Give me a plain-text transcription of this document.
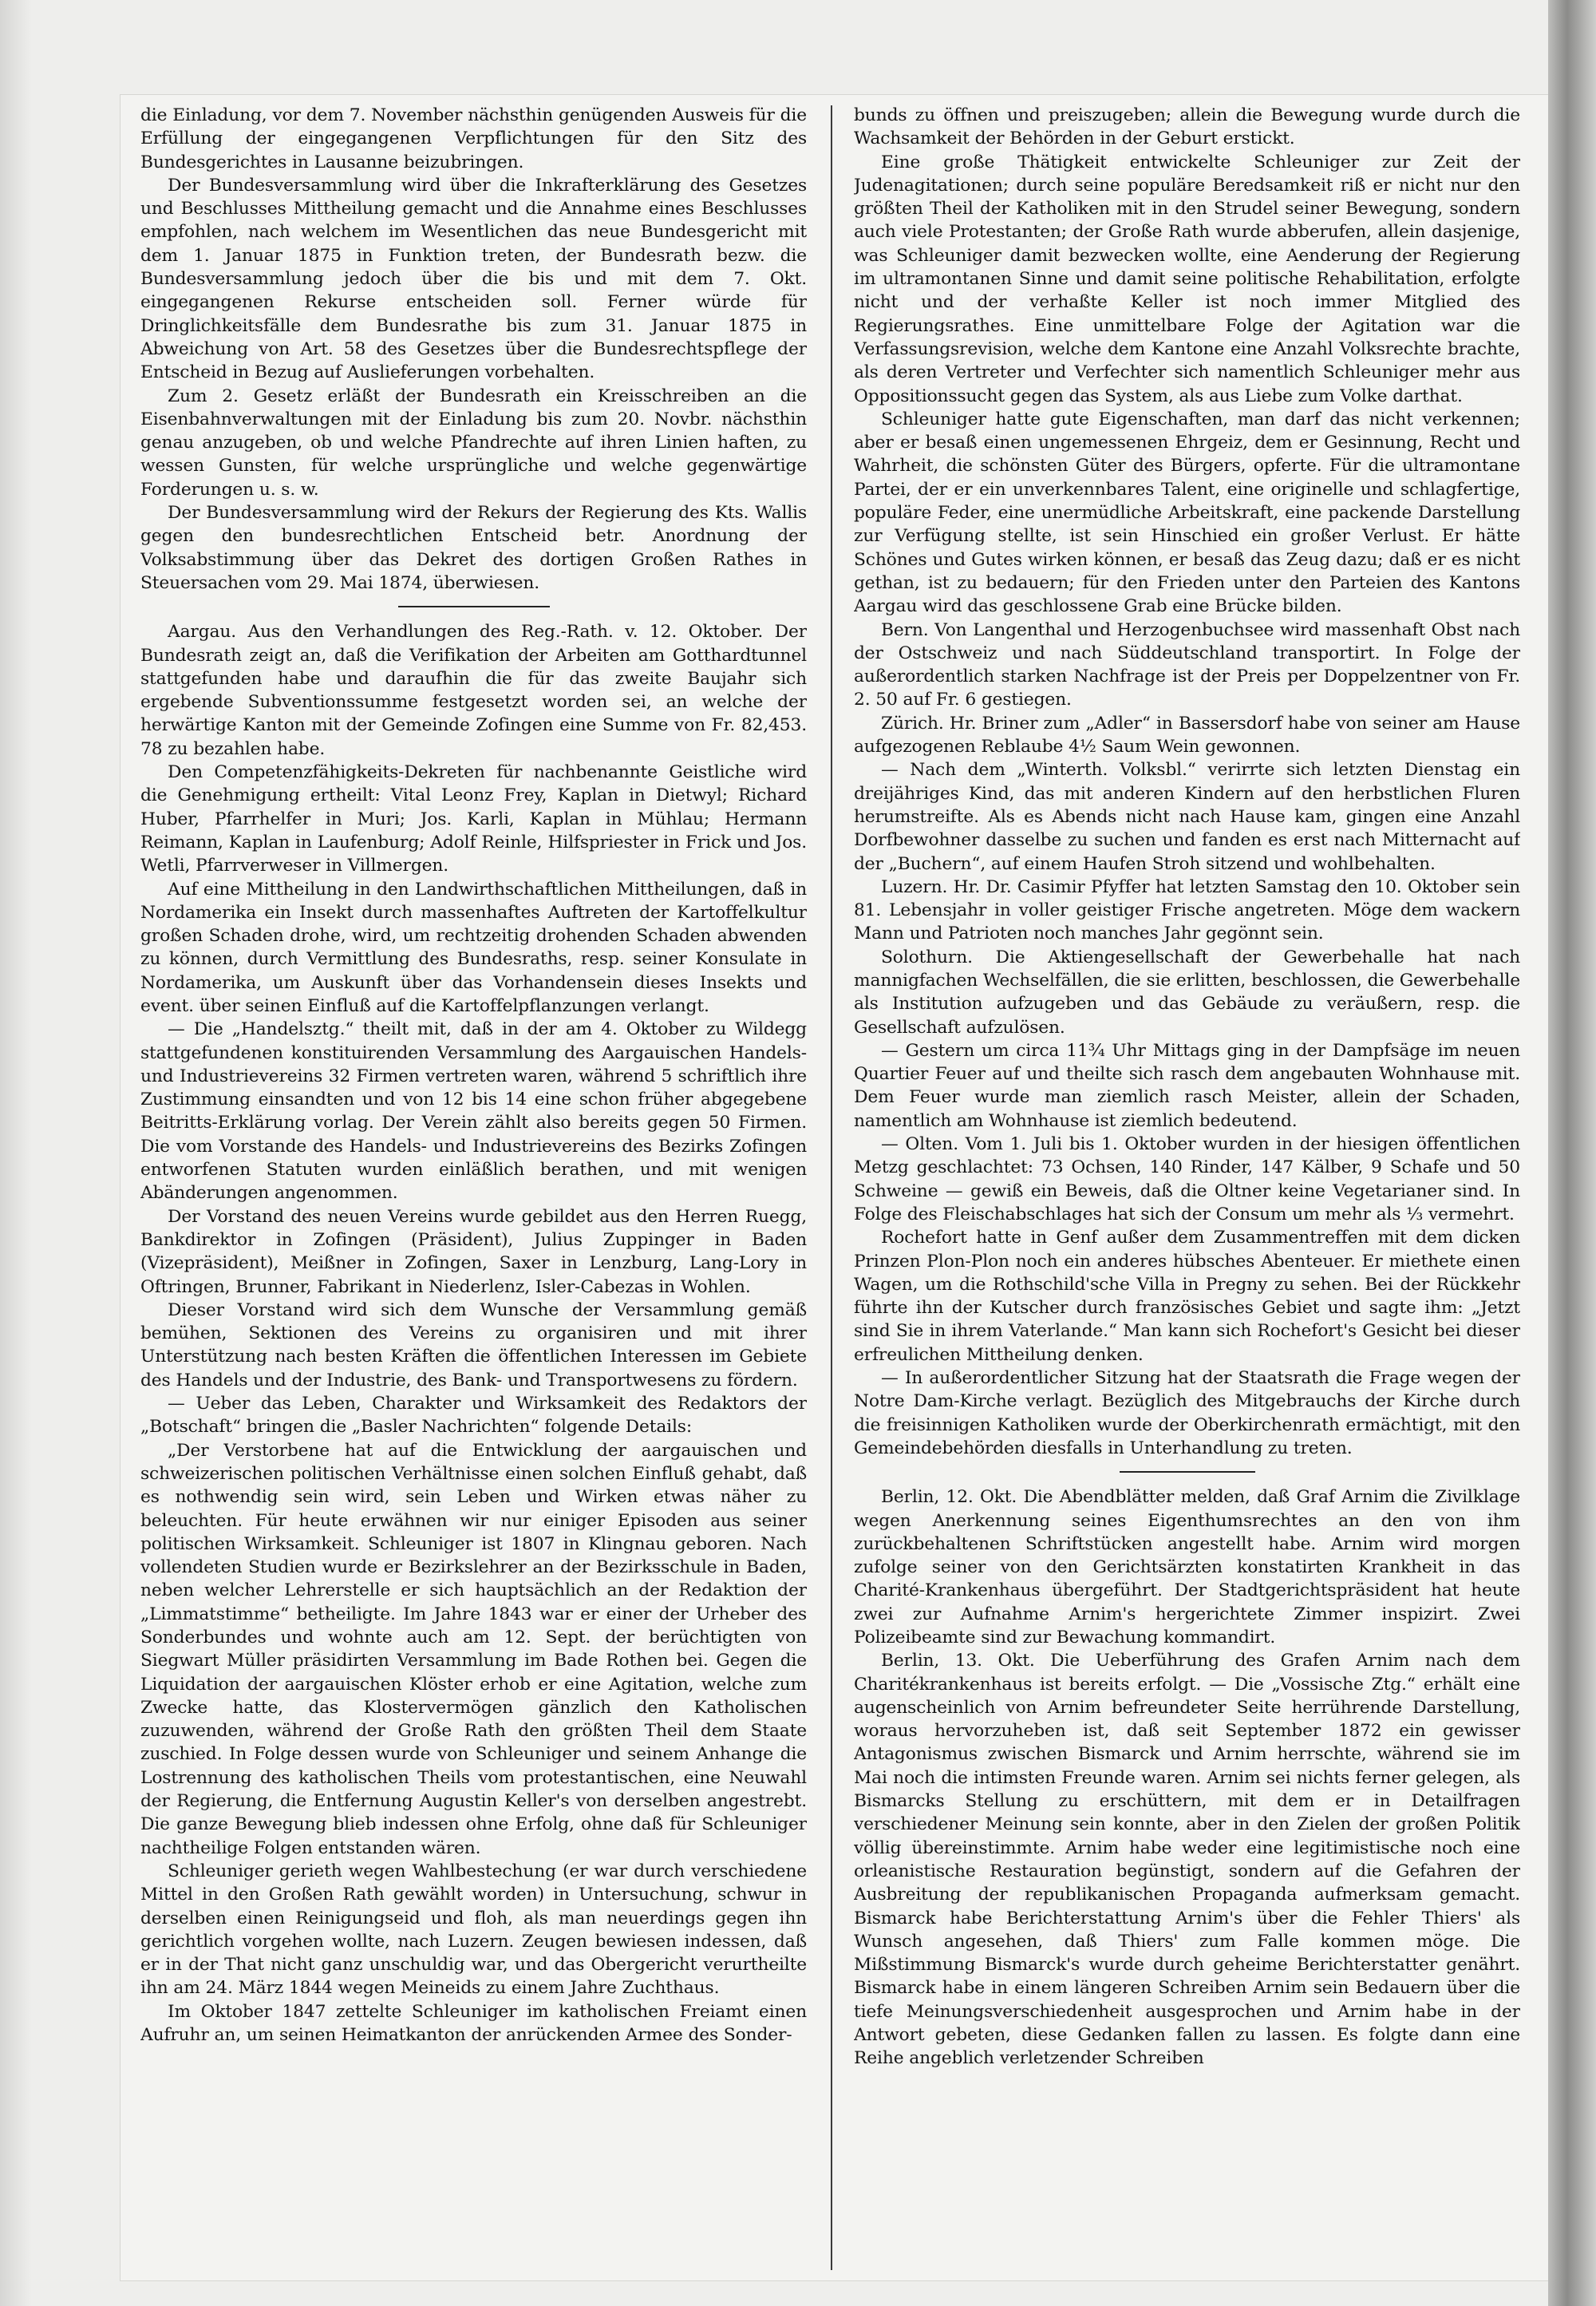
die Einladung, vor dem 7. November nächsthin genügenden Ausweis für die Erfüllung der eingegangenen Verpflichtungen für den Sitz des Bundesgerichtes in Lausanne beizubringen.

Der Bundesversammlung wird über die Inkrafterklärung des Gesetzes und Beschlusses Mittheilung gemacht und die Annahme eines Beschlusses empfohlen, nach welchem im Wesentlichen das neue Bundesgericht mit dem 1. Januar 1875 in Funktion treten, der Bundesrath bezw. die Bundesversammlung jedoch über die bis und mit dem 7. Okt. eingegangenen Rekurse entscheiden soll. Ferner würde für Dringlichkeitsfälle dem Bundesrathe bis zum 31. Januar 1875 in Abweichung von Art. 58 des Gesetzes über die Bundesrechtspflege der Entscheid in Bezug auf Auslieferungen vorbehalten.

Zum 2. Gesetz erläßt der Bundesrath ein Kreisschreiben an die Eisenbahnverwaltungen mit der Einladung bis zum 20. Novbr. nächsthin genau anzugeben, ob und welche Pfandrechte auf ihren Linien haften, zu wessen Gunsten, für welche ursprüngliche und welche gegenwärtige Forderungen u. s. w.

Der Bundesversammlung wird der Rekurs der Regierung des Kts. Wallis gegen den bundesrechtlichen Entscheid betr. Anordnung der Volksabstimmung über das Dekret des dortigen Großen Rathes in Steuersachen vom 29. Mai 1874, überwiesen.

Aargau. Aus den Verhandlungen des Reg.-Rath. v. 12. Oktober. Der Bundesrath zeigt an, daß die Verifikation der Arbeiten am Gotthardtunnel stattgefunden habe und daraufhin die für das zweite Baujahr sich ergebende Subventionssumme festgesetzt worden sei, an welche der herwärtige Kanton mit der Gemeinde Zofingen eine Summe von Fr. 82,453. 78 zu bezahlen habe.

Den Competenzfähigkeits-Dekreten für nachbenannte Geistliche wird die Genehmigung ertheilt: Vital Leonz Frey, Kaplan in Dietwyl; Richard Huber, Pfarrhelfer in Muri; Jos. Karli, Kaplan in Mühlau; Hermann Reimann, Kaplan in Laufenburg; Adolf Reinle, Hilfspriester in Frick und Jos. Wetli, Pfarrverweser in Villmergen.

Auf eine Mittheilung in den Landwirthschaftlichen Mittheilungen, daß in Nordamerika ein Insekt durch massenhaftes Auftreten der Kartoffelkultur großen Schaden drohe, wird, um rechtzeitig drohenden Schaden abwenden zu können, durch Vermittlung des Bundesraths, resp. seiner Konsulate in Nordamerika, um Auskunft über das Vorhandensein dieses Insekts und event. über seinen Einfluß auf die Kartoffelpflanzungen verlangt.

— Die „Handelsztg.“ theilt mit, daß in der am 4. Oktober zu Wildegg stattgefundenen konstituirenden Versammlung des Aargauischen Handels- und Industrievereins 32 Firmen vertreten waren, während 5 schriftlich ihre Zustimmung einsandten und von 12 bis 14 eine schon früher abgegebene Beitritts-Erklärung vorlag. Der Verein zählt also bereits gegen 50 Firmen. Die vom Vorstande des Handels- und Industrievereins des Bezirks Zofingen entworfenen Statuten wurden einläßlich berathen, und mit wenigen Abänderungen angenommen.

Der Vorstand des neuen Vereins wurde gebildet aus den Herren Ruegg, Bankdirektor in Zofingen (Präsident), Julius Zuppinger in Baden (Vizepräsident), Meißner in Zofingen, Saxer in Lenzburg, Lang-Lory in Oftringen, Brunner, Fabrikant in Niederlenz, Isler-Cabezas in Wohlen.

Dieser Vorstand wird sich dem Wunsche der Versammlung gemäß bemühen, Sektionen des Vereins zu organisiren und mit ihrer Unterstützung nach besten Kräften die öffentlichen Interessen im Gebiete des Handels und der Industrie, des Bank- und Transportwesens zu fördern.

— Ueber das Leben, Charakter und Wirksamkeit des Redaktors der „Botschaft“ bringen die „Basler Nachrichten“ folgende Details:

„Der Verstorbene hat auf die Entwicklung der aargauischen und schweizerischen politischen Verhältnisse einen solchen Einfluß gehabt, daß es nothwendig sein wird, sein Leben und Wirken etwas näher zu beleuchten. Für heute erwähnen wir nur einiger Episoden aus seiner politischen Wirksamkeit. Schleuniger ist 1807 in Klingnau geboren. Nach vollendeten Studien wurde er Bezirkslehrer an der Bezirksschule in Baden, neben welcher Lehrerstelle er sich hauptsächlich an der Redaktion der „Limmatstimme“ betheiligte. Im Jahre 1843 war er einer der Urheber des Sonderbundes und wohnte auch am 12. Sept. der berüchtigten von Siegwart Müller präsidirten Versammlung im Bade Rothen bei. Gegen die Liquidation der aargauischen Klöster erhob er eine Agitation, welche zum Zwecke hatte, das Klostervermögen gänzlich den Katholischen zuzuwenden, während der Große Rath den größten Theil dem Staate zuschied. In Folge dessen wurde von Schleuniger und seinem Anhange die Lostrennung des katholischen Theils vom protestantischen, eine Neuwahl der Regierung, die Entfernung Augustin Keller's von derselben angestrebt. Die ganze Bewegung blieb indessen ohne Erfolg, ohne daß für Schleuniger nachtheilige Folgen entstanden wären.

Schleuniger gerieth wegen Wahlbestechung (er war durch verschiedene Mittel in den Großen Rath gewählt worden) in Untersuchung, schwur in derselben einen Reinigungseid und floh, als man neuerdings gegen ihn gerichtlich vorgehen wollte, nach Luzern. Zeugen bewiesen indessen, daß er in der That nicht ganz unschuldig war, und das Obergericht verurtheilte ihn am 24. März 1844 wegen Meineids zu einem Jahre Zuchthaus.

Im Oktober 1847 zettelte Schleuniger im katholischen Freiamt einen Aufruhr an, um seinen Heimatkanton der anrückenden Armee des Sonder-

bunds zu öffnen und preiszugeben; allein die Bewegung wurde durch die Wachsamkeit der Behörden in der Geburt erstickt.

Eine große Thätigkeit entwickelte Schleuniger zur Zeit der Judenagitationen; durch seine populäre Beredsamkeit riß er nicht nur den größten Theil der Katholiken mit in den Strudel seiner Bewegung, sondern auch viele Protestanten; der Große Rath wurde abberufen, allein dasjenige, was Schleuniger damit bezwecken wollte, eine Aenderung der Regierung im ultramontanen Sinne und damit seine politische Rehabilitation, erfolgte nicht und der verhaßte Keller ist noch immer Mitglied des Regierungsrathes. Eine unmittelbare Folge der Agitation war die Verfassungsrevision, welche dem Kantone eine Anzahl Volksrechte brachte, als deren Vertreter und Verfechter sich namentlich Schleuniger mehr aus Oppositionssucht gegen das System, als aus Liebe zum Volke darthat.

Schleuniger hatte gute Eigenschaften, man darf das nicht verkennen; aber er besaß einen ungemessenen Ehrgeiz, dem er Gesinnung, Recht und Wahrheit, die schönsten Güter des Bürgers, opferte. Für die ultramontane Partei, der er ein unverkennbares Talent, eine originelle und schlagfertige, populäre Feder, eine unermüdliche Arbeitskraft, eine packende Darstellung zur Verfügung stellte, ist sein Hinschied ein großer Verlust. Er hätte Schönes und Gutes wirken können, er besaß das Zeug dazu; daß er es nicht gethan, ist zu bedauern; für den Frieden unter den Parteien des Kantons Aargau wird das geschlossene Grab eine Brücke bilden.

Bern. Von Langenthal und Herzogenbuchsee wird massenhaft Obst nach der Ostschweiz und nach Süddeutschland transportirt. In Folge der außerordentlich starken Nachfrage ist der Preis per Doppelzentner von Fr. 2. 50 auf Fr. 6 gestiegen.

Zürich. Hr. Briner zum „Adler“ in Bassersdorf habe von seiner am Hause aufgezogenen Reblaube 4½ Saum Wein gewonnen.

— Nach dem „Winterth. Volksbl.“ verirrte sich letzten Dienstag ein dreijähriges Kind, das mit anderen Kindern auf den herbstlichen Fluren herumstreifte. Als es Abends nicht nach Hause kam, gingen eine Anzahl Dorfbewohner dasselbe zu suchen und fanden es erst nach Mitternacht auf der „Buchern“, auf einem Haufen Stroh sitzend und wohlbehalten.

Luzern. Hr. Dr. Casimir Pfyffer hat letzten Samstag den 10. Oktober sein 81. Lebensjahr in voller geistiger Frische angetreten. Möge dem wackern Mann und Patrioten noch manches Jahr gegönnt sein.

Solothurn. Die Aktiengesellschaft der Gewerbehalle hat nach mannigfachen Wechselfällen, die sie erlitten, beschlossen, die Gewerbehalle als Institution aufzugeben und das Gebäude zu veräußern, resp. die Gesellschaft aufzulösen.

— Gestern um circa 11¾ Uhr Mittags ging in der Dampfsäge im neuen Quartier Feuer auf und theilte sich rasch dem angebauten Wohnhause mit. Dem Feuer wurde man ziemlich rasch Meister, allein der Schaden, namentlich am Wohnhause ist ziemlich bedeutend.

— Olten. Vom 1. Juli bis 1. Oktober wurden in der hiesigen öffentlichen Metzg geschlachtet: 73 Ochsen, 140 Rinder, 147 Kälber, 9 Schafe und 50 Schweine — gewiß ein Beweis, daß die Oltner keine Vegetarianer sind. In Folge des Fleischabschlages hat sich der Consum um mehr als ⅓ vermehrt.

Rochefort hatte in Genf außer dem Zusammentreffen mit dem dicken Prinzen Plon-Plon noch ein anderes hübsches Abenteuer. Er miethete einen Wagen, um die Rothschild'sche Villa in Pregny zu sehen. Bei der Rückkehr führte ihn der Kutscher durch französisches Gebiet und sagte ihm: „Jetzt sind Sie in ihrem Vaterlande.“ Man kann sich Rochefort's Gesicht bei dieser erfreulichen Mittheilung denken.

— In außerordentlicher Sitzung hat der Staatsrath die Frage wegen der Notre Dam-Kirche verlagt. Bezüglich des Mitgebrauchs der Kirche durch die freisinnigen Katholiken wurde der Oberkirchenrath ermächtigt, mit den Gemeindebehörden diesfalls in Unterhandlung zu treten.

Berlin, 12. Okt. Die Abendblätter melden, daß Graf Arnim die Zivilklage wegen Anerkennung seines Eigenthumsrechtes an den von ihm zurückbehaltenen Schriftstücken angestellt habe. Arnim wird morgen zufolge seiner von den Gerichtsärzten konstatirten Krankheit in das Charité-Krankenhaus übergeführt. Der Stadtgerichtspräsident hat heute zwei zur Aufnahme Arnim's hergerichtete Zimmer inspizirt. Zwei Polizeibeamte sind zur Bewachung kommandirt.

Berlin, 13. Okt. Die Ueberführung des Grafen Arnim nach dem Charitékrankenhaus ist bereits erfolgt. — Die „Vossische Ztg.“ erhält eine augenscheinlich von Arnim befreundeter Seite herrührende Darstellung, woraus hervorzuheben ist, daß seit September 1872 ein gewisser Antagonismus zwischen Bismarck und Arnim herrschte, während sie im Mai noch die intimsten Freunde waren. Arnim sei nichts ferner gelegen, als Bismarcks Stellung zu erschüttern, mit dem er in Detailfragen verschiedener Meinung sein konnte, aber in den Zielen der großen Politik völlig übereinstimmte. Arnim habe weder eine legitimistische noch eine orleanistische Restauration begünstigt, sondern auf die Gefahren der Ausbreitung der republikanischen Propaganda aufmerksam gemacht. Bismarck habe Berichterstattung Arnim's über die Fehler Thiers' als Wunsch angesehen, daß Thiers' zum Falle kommen möge. Die Mißstimmung Bismarck's wurde durch geheime Berichterstatter genährt. Bismarck habe in einem längeren Schreiben Arnim sein Bedauern über die tiefe Meinungsverschiedenheit ausgesprochen und Arnim habe in der Antwort gebeten, diese Gedanken fallen zu lassen. Es folgte dann eine Reihe angeblich verletzender Schreiben
